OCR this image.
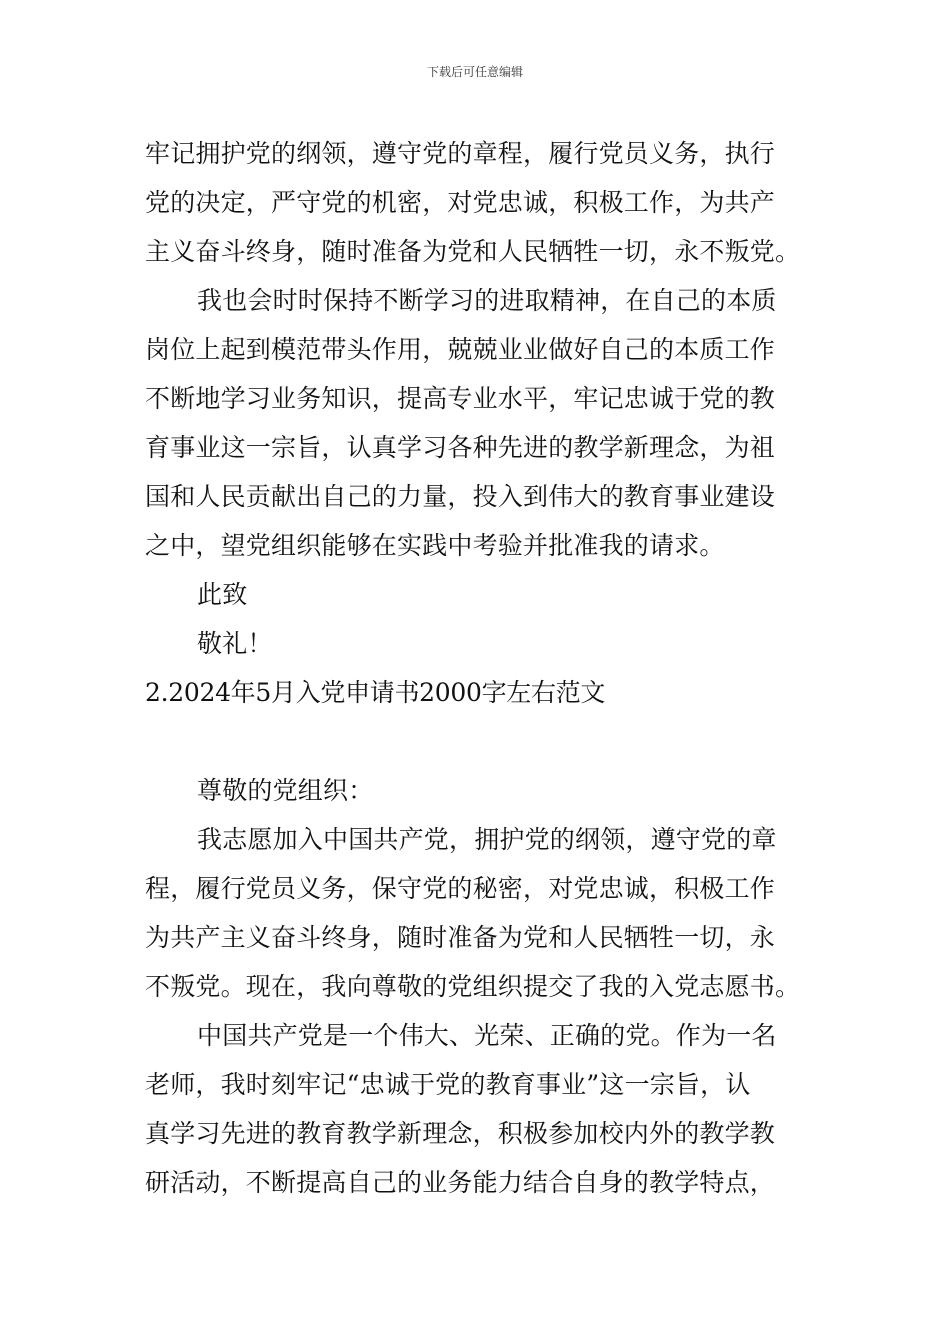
下载后可任意编辑
牢记拥护党的纲领，遵守党的章程，履行党员义务，执行
党的决定，严守党的机密，对党忠诚，积极工作，为共产
主义奋斗终身，随时准备为党和人民牺牲一切，永不叛党。
我也会时时保持不断学习的进取精神，在自己的本质
岗位上起到模范带头作用，兢兢业业做好自己的本质工作
不断地学习业务知识，提高专业水平，牢记忠诚于党的教
育事业这一宗旨，认真学习各种先进的教学新理念，为祖
国和人民贡献出自己的力量，投入到伟大的教育事业建设
之中，望党组织能够在实践中考验并批准我的请求。
此致
敬礼！
2.2024年5月入党申请书2000字左右范文
尊敬的党组织：
我志愿加入中国共产党，拥护党的纲领，遵守党的章
程，履行党员义务，保守党的秘密，对党忠诚，积极工作
为共产主义奋斗终身，随时准备为党和人民牺牲一切，永
不叛党。现在，我向尊敬的党组织提交了我的入党志愿书。
中国共产党是一个伟大、光荣、正确的党。作为一名
老师，我时刻牢记“忠诚于党的教育事业”这一宗旨，认
真学习先进的教育教学新理念，积极参加校内外的教学教
研活动，不断提高自己的业务能力结合自身的教学特点，
